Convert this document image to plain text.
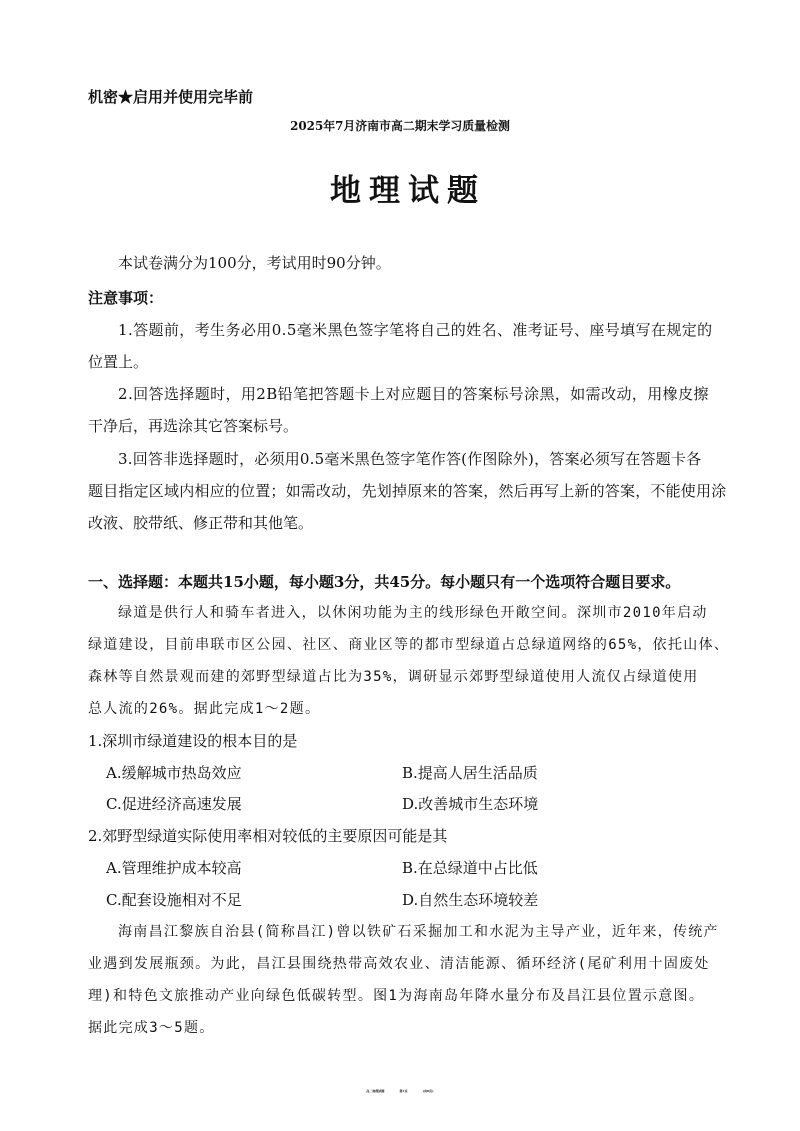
机密★启用并使用完毕前
2025年7月济南市高二期末学习质量检测
地理试题
本试卷满分为100分，考试用时90分钟。
注意事项：
1.答题前，考生务必用0.5毫米黑色签字笔将自己的姓名、准考证号、座号填写在规定的
位置上。
2.回答选择题时，用2B铅笔把答题卡上对应题目的答案标号涂黑，如需改动，用橡皮擦
干净后，再选涂其它答案标号。
3.回答非选择题时，必须用0.5毫米黑色签字笔作答(作图除外)，答案必须写在答题卡各
题目指定区域内相应的位置；如需改动，先划掉原来的答案，然后再写上新的答案，不能使用涂
改液、胶带纸、修正带和其他笔。
一、选择题：本题共15小题，每小题3分，共45分。每小题只有一个选项符合题目要求。
绿道是供行人和骑车者进入，以休闲功能为主的线形绿色开敞空间。深圳市2010年启动
绿道建设，目前串联市区公园、社区、商业区等的都市型绿道占总绿道网络的65%，依托山体、
森林等自然景观而建的郊野型绿道占比为35%，调研显示郊野型绿道使用人流仅占绿道使用
总人流的26%。据此完成1～2题。
1.深圳市绿道建设的根本目的是
A.缓解城市热岛效应	B.提高人居生活品质
C.促进经济高速发展	D.改善城市生态环境
2.郊野型绿道实际使用率相对较低的主要原因可能是其
A.管理维护成本较高	B.在总绿道中占比低
C.配套设施相对不足	D.自然生态环境较差
海南昌江黎族自治县(简称昌江)曾以铁矿石采掘加工和水泥为主导产业，近年来，传统产
业遇到发展瓶颈。为此，昌江县围绕热带高效农业、清洁能源、循环经济(尾矿利用十固废处
理)和特色文旅推动产业向绿色低碳转型。图1为海南岛年降水量分布及昌江县位置示意图。
据此完成3～5题。
高二地理试题	第1页	(共8页)
